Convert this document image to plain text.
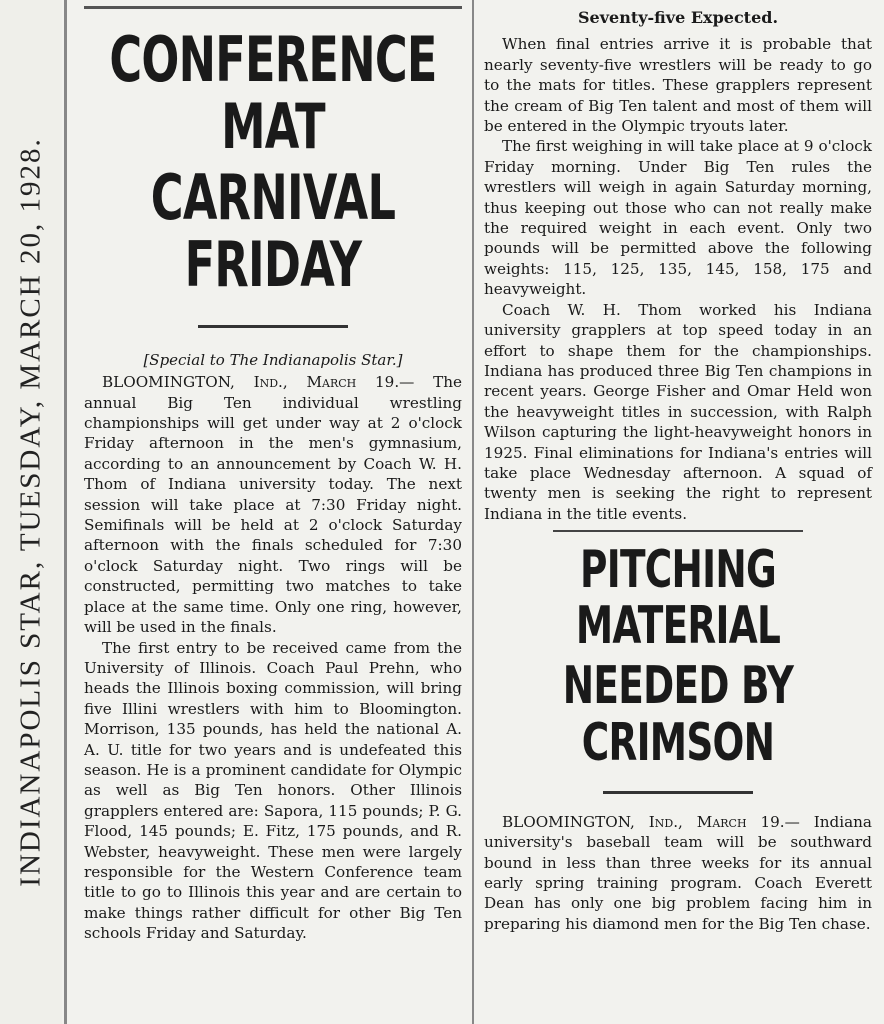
INDIANAPOLIS STAR, TUESDAY, MARCH 20, 1928.
CONFERENCE MAT
CARNIVAL FRIDAY
[Special to The Indianapolis Star.]

BLOOMINGTON, Ind., March 19.— The annual Big Ten individual wrestling championships will get under way at 2 o'clock Friday afternoon in the men's gymnasium, according to an announcement by Coach W. H. Thom of Indiana university today. The next session will take place at 7:30 Friday night. Semifinals will be held at 2 o'clock Saturday afternoon with the finals scheduled for 7:30 o'clock Saturday night. Two rings will be constructed, permitting two matches to take place at the same time. Only one ring, however, will be used in the finals.

The first entry to be received came from the University of Illinois. Coach Paul Prehn, who heads the Illinois boxing commission, will bring five Illini wrestlers with him to Bloomington. Morrison, 135 pounds, has held the national A. A. U. title for two years and is undefeated this season. He is a prominent candidate for Olympic as well as Big Ten honors. Other Illinois grapplers entered are: Sapora, 115 pounds; P. G. Flood, 145 pounds; E. Fitz, 175 pounds, and R. Webster, heavyweight. These men were largely responsible for the Western Conference team title to go to Illinois this year and are certain to make things rather difficult for other Big Ten schools Friday and Saturday.

Seventy-five Expected.

When final entries arrive it is probable that nearly seventy-five wrestlers will be ready to go to the mats for titles. These grapplers represent the cream of Big Ten talent and most of them will be entered in the Olympic tryouts later.

The first weighing in will take place at 9 o'clock Friday morning. Under Big Ten rules the wrestlers will weigh in again Saturday morning, thus keeping out those who can not really make the required weight in each event. Only two pounds will be permitted above the following weights: 115, 125, 135, 145, 158, 175 and heavyweight.

Coach W. H. Thom worked his Indiana university grapplers at top speed today in an effort to shape them for the championships. Indiana has produced three Big Ten champions in recent years. George Fisher and Omar Held won the heavyweight titles in succession, with Ralph Wilson capturing the light-heavyweight honors in 1925. Final eliminations for Indiana's entries will take place Wednesday afternoon. A squad of twenty men is seeking the right to represent Indiana in the title events.

PITCHING MATERIAL
NEEDED BY CRIMSON

BLOOMINGTON, Ind., March 19.— Indiana university's baseball team will be southward bound in less than three weeks for its annual early spring training program. Coach Everett Dean has only one big problem facing him in preparing his diamond men for the Big Ten chase.
